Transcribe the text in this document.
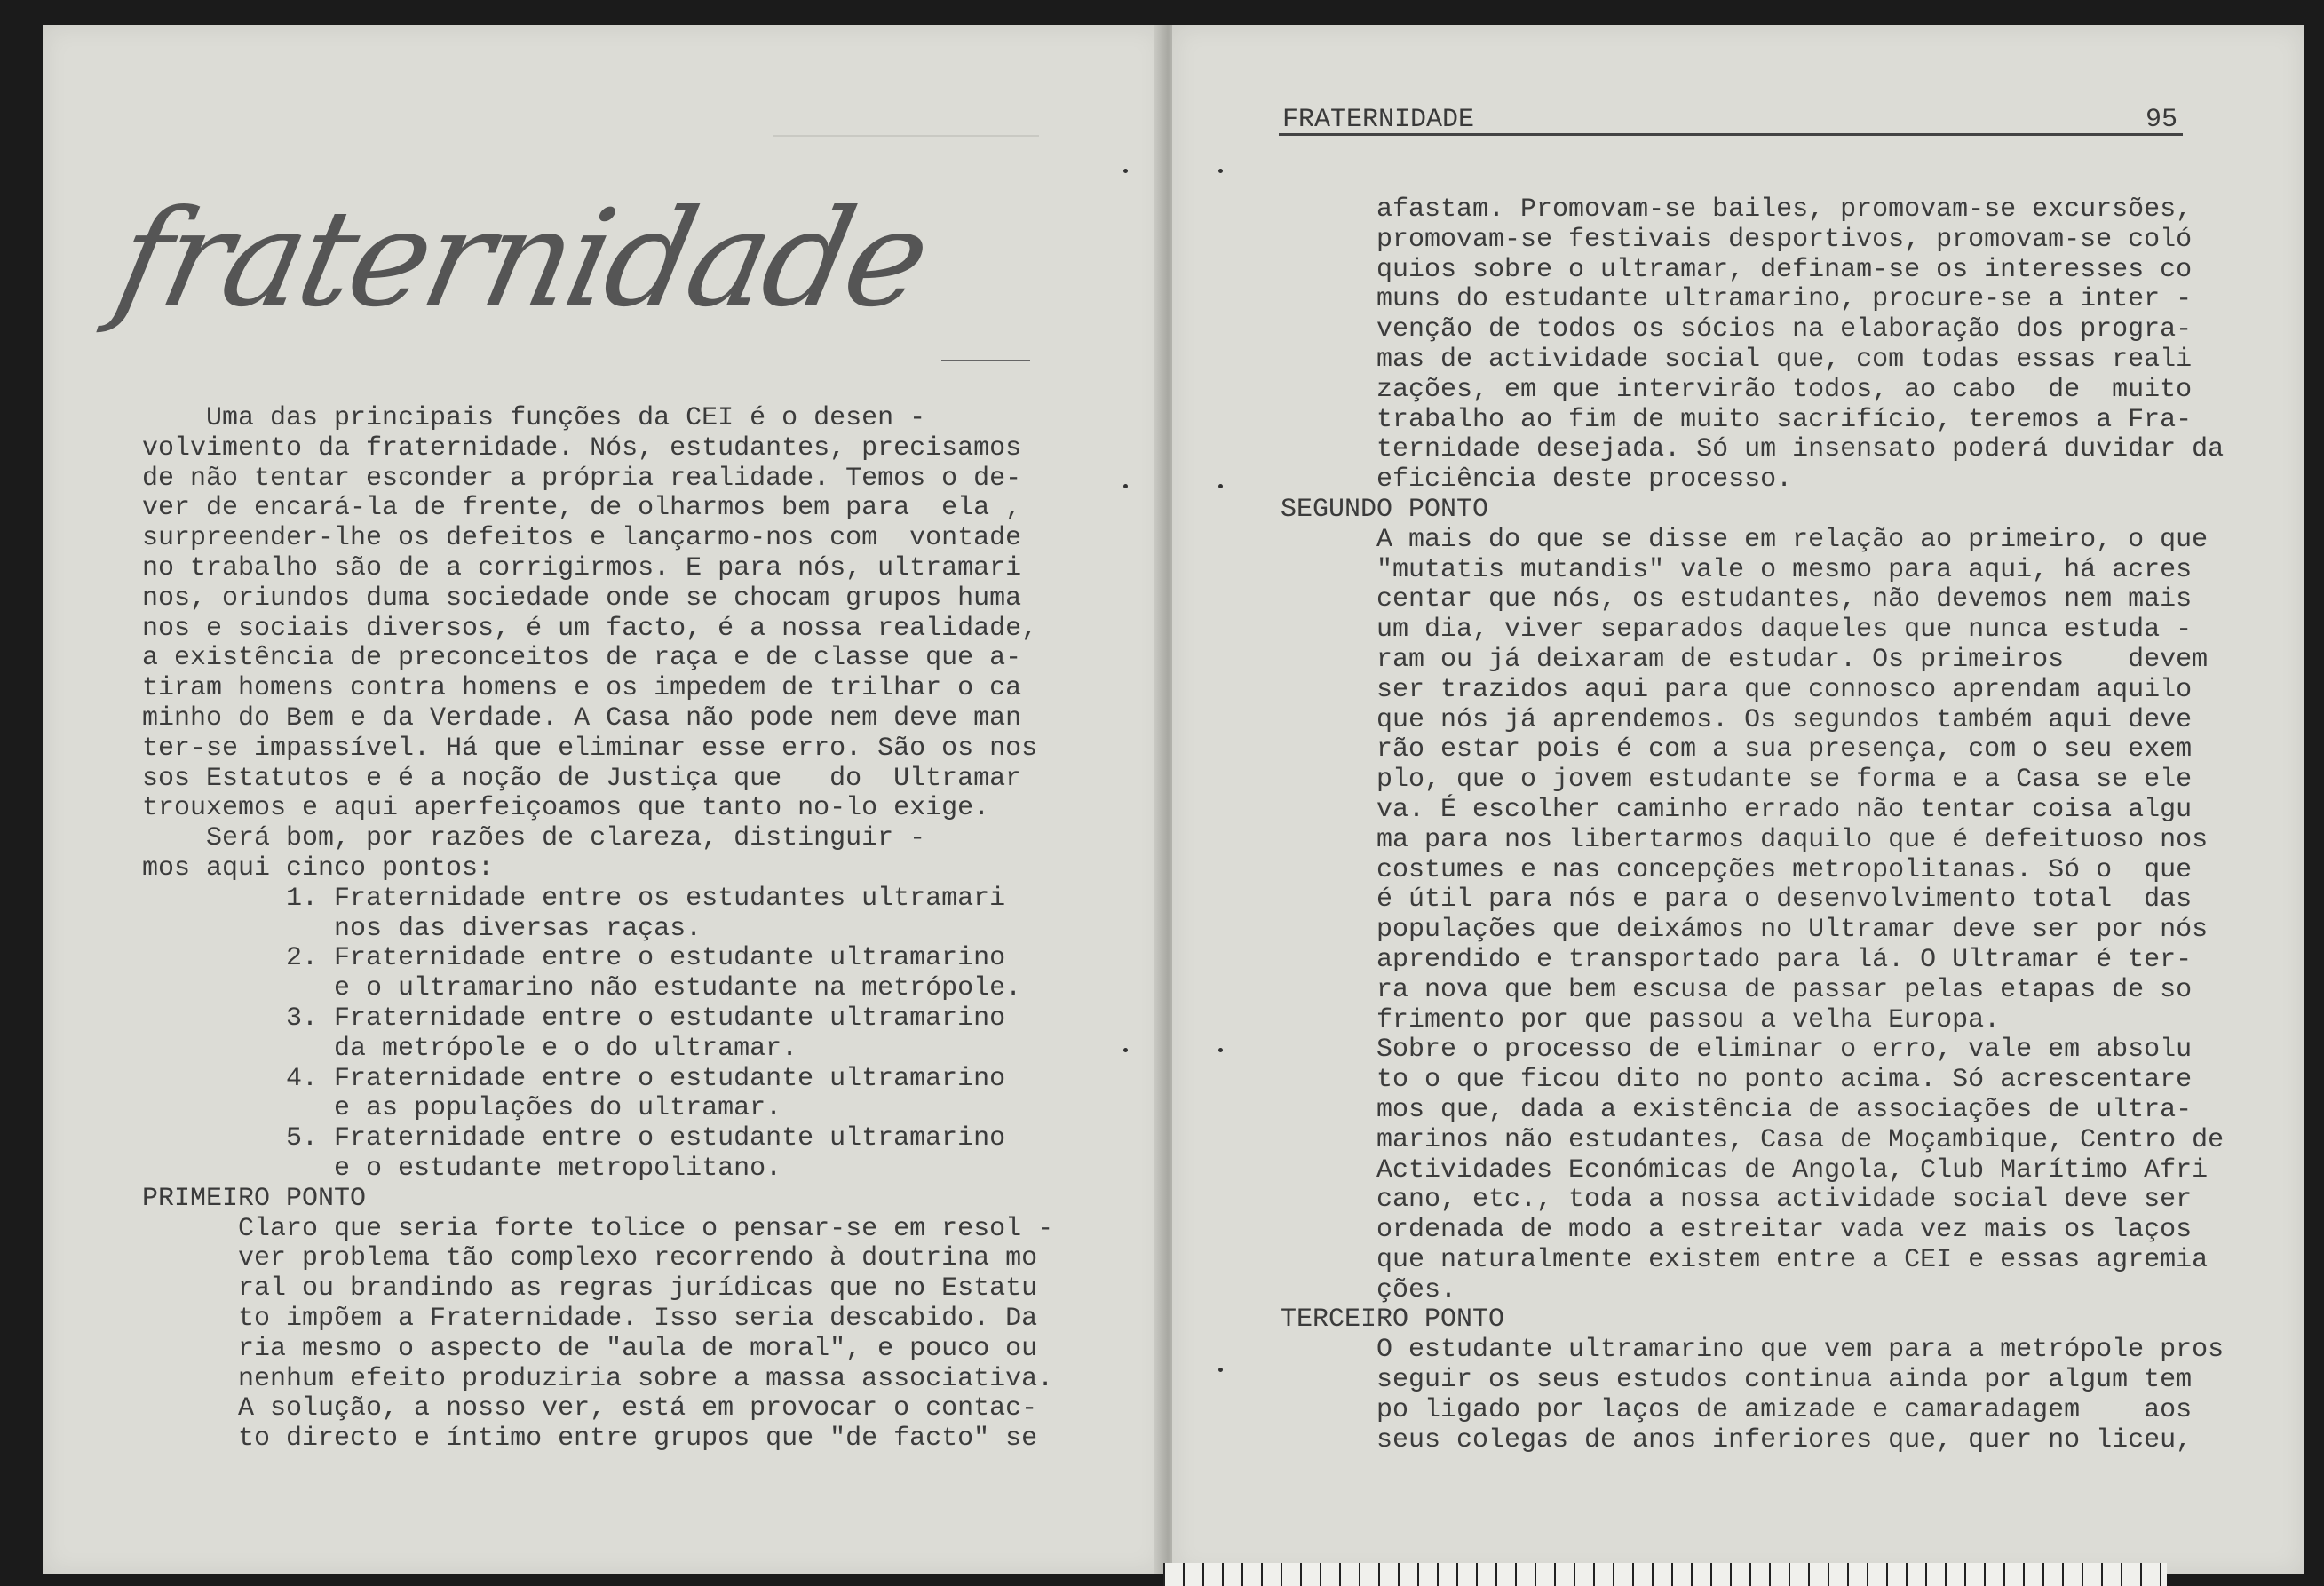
fraternidade
Uma das principais funções da CEI é o desen -
volvimento da fraternidade. Nós, estudantes, precisamos
de não tentar esconder a própria realidade. Temos o de-
ver de encará-la de frente, de olharmos bem para  ela ,
surpreender-lhe os defeitos e lançarmo-nos com  vontade
no trabalho são de a corrigirmos. E para nós, ultramari
nos, oriundos duma sociedade onde se chocam grupos huma
nos e sociais diversos, é um facto, é a nossa realidade,
a existência de preconceitos de raça e de classe que a-
tiram homens contra homens e os impedem de trilhar o ca
minho do Bem e da Verdade. A Casa não pode nem deve man
ter-se impassível. Há que eliminar esse erro. São os nos
sos Estatutos e é a noção de Justiça que   do  Ultramar
trouxemos e aqui aperfeiçoamos que tanto no-lo exige.
Será bom, por razões de clareza, distinguir -
mos aqui cinco pontos:
1. Fraternidade entre os estudantes ultramari
nos das diversas raças.
2. Fraternidade entre o estudante ultramarino
e o ultramarino não estudante na metrópole.
3. Fraternidade entre o estudante ultramarino
da metrópole e o do ultramar.
4. Fraternidade entre o estudante ultramarino
e as populações do ultramar.
5. Fraternidade entre o estudante ultramarino
e o estudante metropolitano.
PRIMEIRO PONTO
Claro que seria forte tolice o pensar-se em resol -
ver problema tão complexo recorrendo à doutrina mo
ral ou brandindo as regras jurídicas que no Estatu
to impõem a Fraternidade. Isso seria descabido. Da
ria mesmo o aspecto de "aula de moral", e pouco ou
nenhum efeito produziria sobre a massa associativa.
A solução, a nosso ver, está em provocar o contac-
to directo e íntimo entre grupos que "de facto" se
FRATERNIDADE	95
afastam. Promovam-se bailes, promovam-se excursões,
promovam-se festivais desportivos, promovam-se coló
quios sobre o ultramar, definam-se os interesses co
muns do estudante ultramarino, procure-se a inter -
venção de todos os sócios na elaboração dos progra-
mas de actividade social que, com todas essas reali
zações, em que intervirão todos, ao cabo  de  muito
trabalho ao fim de muito sacrifício, teremos a Fra-
ternidade desejada. Só um insensato poderá duvidar da
eficiência deste processo.
SEGUNDO PONTO
A mais do que se disse em relação ao primeiro, o que
"mutatis mutandis" vale o mesmo para aqui, há acres
centar que nós, os estudantes, não devemos nem mais
um dia, viver separados daqueles que nunca estuda -
ram ou já deixaram de estudar. Os primeiros    devem
ser trazidos aqui para que connosco aprendam aquilo
que nós já aprendemos. Os segundos também aqui deve
rão estar pois é com a sua presença, com o seu exem
plo, que o jovem estudante se forma e a Casa se ele
va. É escolher caminho errado não tentar coisa algu
ma para nos libertarmos daquilo que é defeituoso nos
costumes e nas concepções metropolitanas. Só o  que
é útil para nós e para o desenvolvimento total  das
populações que deixámos no Ultramar deve ser por nós
aprendido e transportado para lá. O Ultramar é ter-
ra nova que bem escusa de passar pelas etapas de so
frimento por que passou a velha Europa.
Sobre o processo de eliminar o erro, vale em absolu
to o que ficou dito no ponto acima. Só acrescentare
mos que, dada a existência de associações de ultra-
marinos não estudantes, Casa de Moçambique, Centro de
Actividades Económicas de Angola, Club Marítimo Afri
cano, etc., toda a nossa actividade social deve ser
ordenada de modo a estreitar vada vez mais os laços
que naturalmente existem entre a CEI e essas agremia
ções.
TERCEIRO PONTO
O estudante ultramarino que vem para a metrópole pros
seguir os seus estudos continua ainda por algum tem
po ligado por laços de amizade e camaradagem    aos
seus colegas de anos inferiores que, quer no liceu,
